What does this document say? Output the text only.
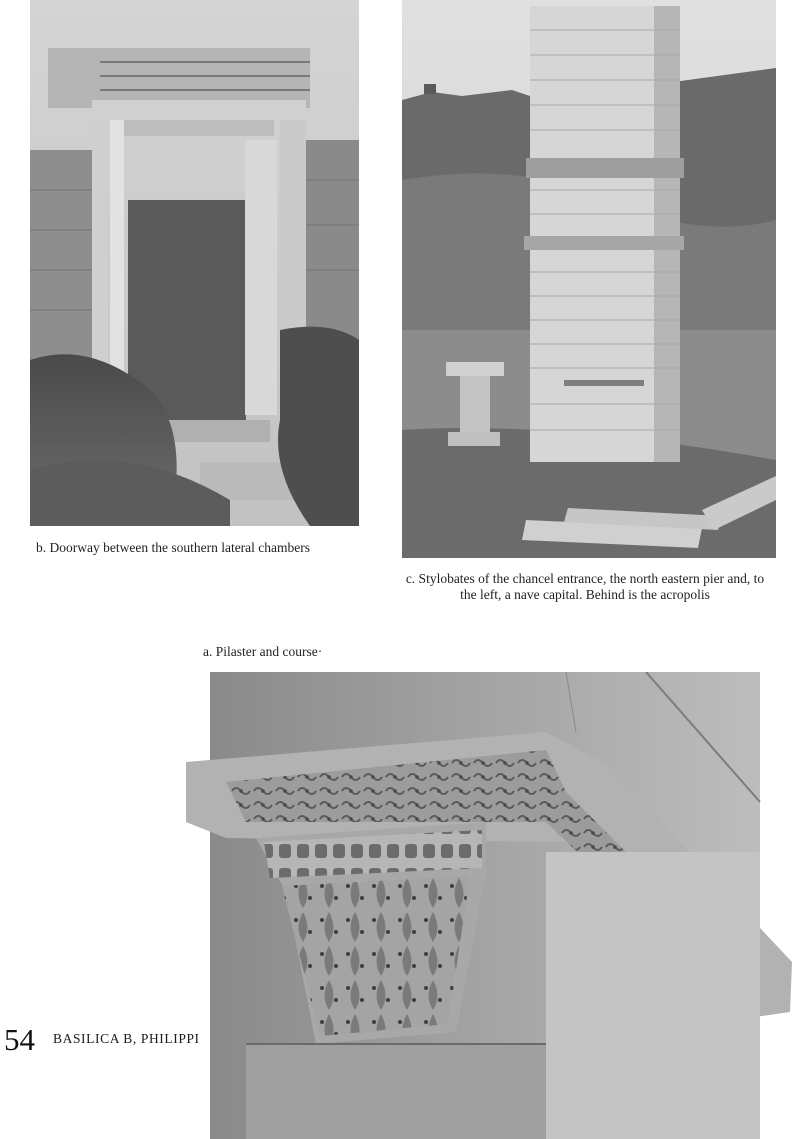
b. Doorway between the southern lateral chambers
c. Stylobates of the chancel entrance, the north eastern pier and, to the left, a nave capital. Behind is the acropolis
a. Pilaster and course·
54 BASILICA B, PHILIPPI
